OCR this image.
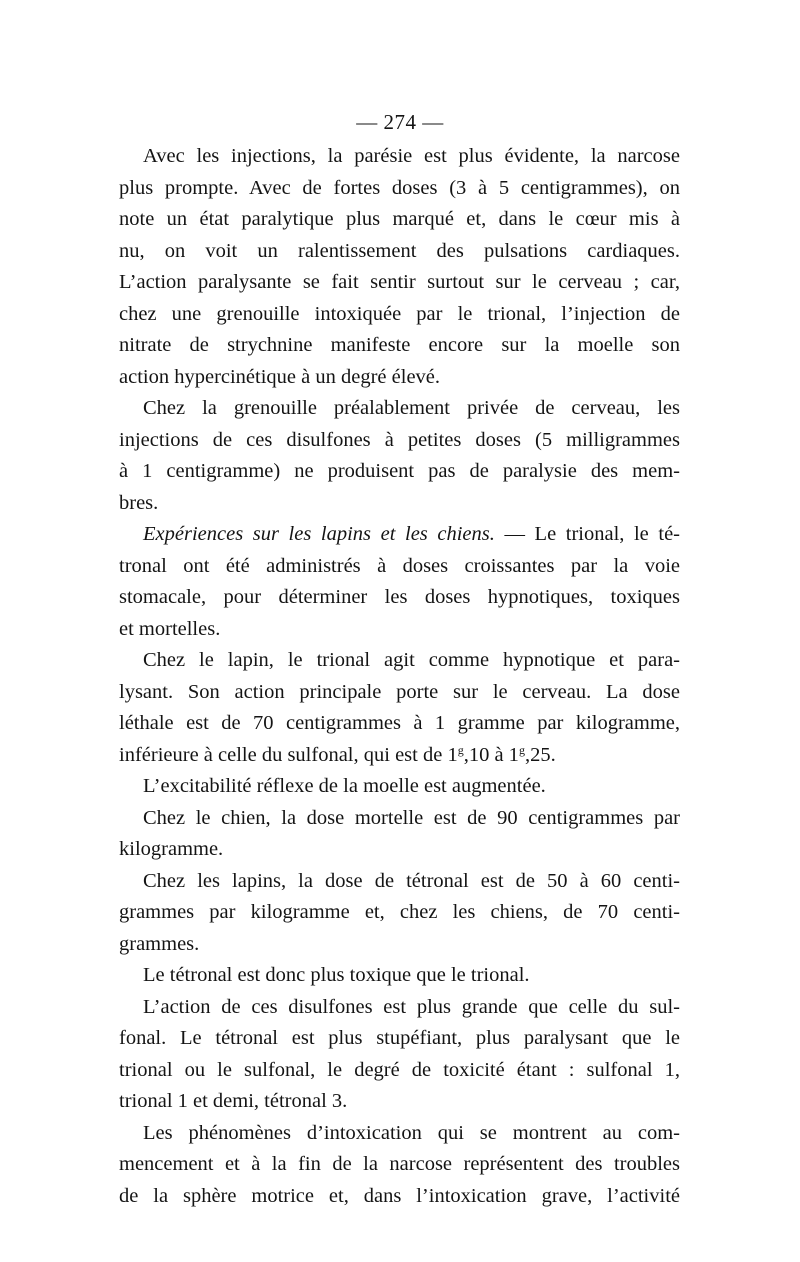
— 274 —
Avec les injections, la parésie est plus évidente, la narcose
plus prompte. Avec de fortes doses (3 à 5 centigrammes), on
note un état paralytique plus marqué et, dans le cœur mis à
nu, on voit un ralentissement des pulsations cardiaques.
L’action paralysante se fait sentir surtout sur le cerveau ; car,
chez une grenouille intoxiquée par le trional, l’injection de
nitrate de strychnine manifeste encore sur la moelle son
action hypercinétique à un degré élevé.
Chez la grenouille préalablement privée de cerveau, les
injections de ces disulfones à petites doses (5 milligrammes
à 1 centigramme) ne produisent pas de paralysie des mem-
bres.
Expériences sur les lapins et les chiens. — Le trional, le té-
tronal ont été administrés à doses croissantes par la voie
stomacale, pour déterminer les doses hypnotiques, toxiques
et mortelles.
Chez le lapin, le trional agit comme hypnotique et para-
lysant. Son action principale porte sur le cerveau. La dose
léthale est de 70 centigrammes à 1 gramme par kilogramme,
inférieure à celle du sulfonal, qui est de 1$^g$,10 à 1$^g$,25.
L’excitabilité réflexe de la moelle est augmentée.
Chez le chien, la dose mortelle est de 90 centigrammes par
kilogramme.
Chez les lapins, la dose de tétronal est de 50 à 60 centi-
grammes par kilogramme et, chez les chiens, de 70 centi-
grammes.
Le tétronal est donc plus toxique que le trional.
L’action de ces disulfones est plus grande que celle du sul-
fonal. Le tétronal est plus stupéfiant, plus paralysant que le
trional ou le sulfonal, le degré de toxicité étant : sulfonal 1,
trional 1 et demi, tétronal 3.
Les phénomènes d’intoxication qui se montrent au com-
mencement et à la fin de la narcose représentent des troubles
de la sphère motrice et, dans l’intoxication grave, l’activité
